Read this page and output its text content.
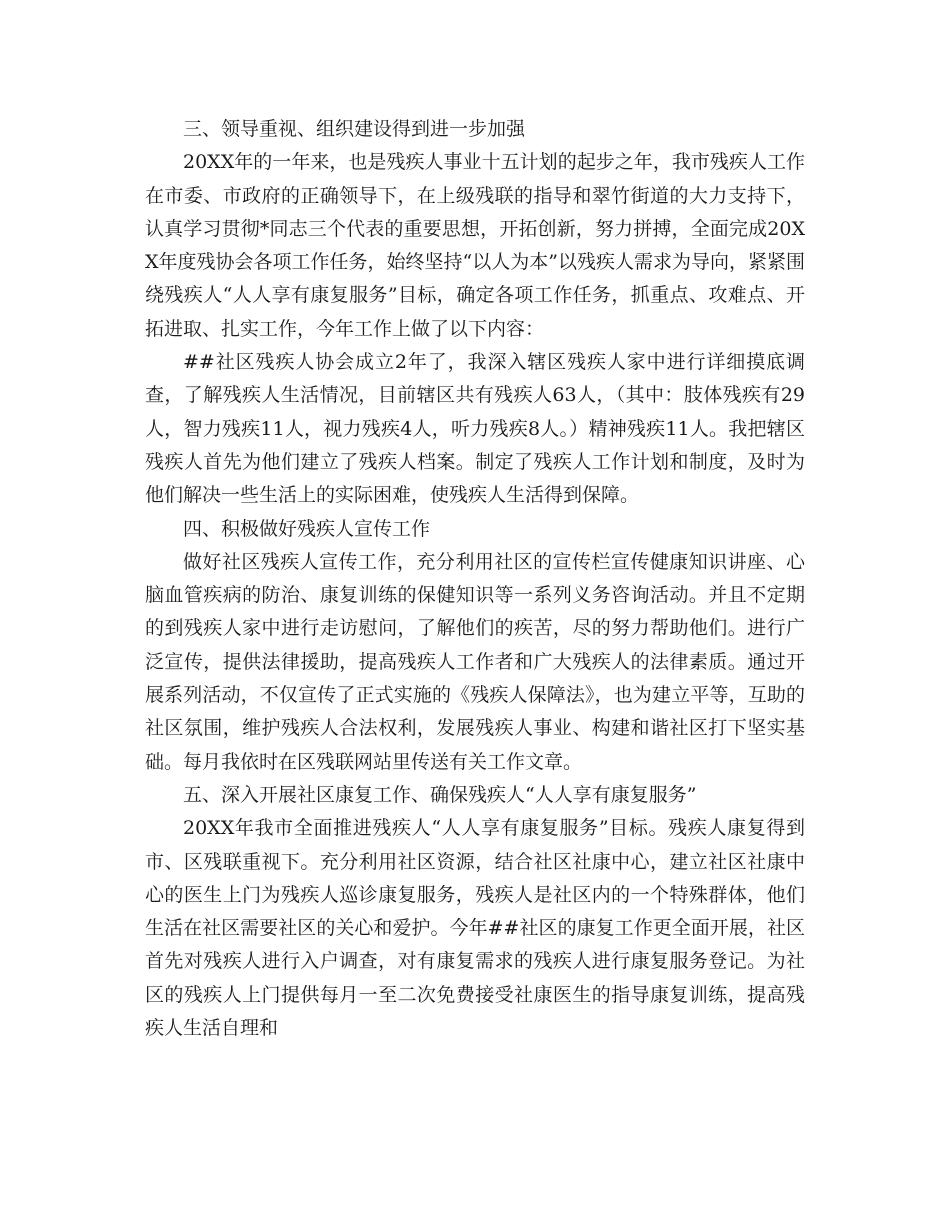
三、领导重视、组织建设得到进一步加强

20XX年的一年来，也是残疾人事业十五计划的起步之年，我市残疾人工作在市委、市政府的正确领导下，在上级残联的指导和翠竹街道的大力支持下，认真学习贯彻*同志三个代表的重要思想，开拓创新，努力拼搏，全面完成20XX年度残协会各项工作任务，始终坚持“以人为本”以残疾人需求为导向，紧紧围绕残疾人“人人享有康复服务”目标，确定各项工作任务，抓重点、攻难点、开拓进取、扎实工作，今年工作上做了以下内容：

##社区残疾人协会成立2年了，我深入辖区残疾人家中进行详细摸底调查，了解残疾人生活情况，目前辖区共有残疾人63人，（其中：肢体残疾有29人，智力残疾11人，视力残疾4人，听力残疾8人。）精神残疾11人。我把辖区残疾人首先为他们建立了残疾人档案。制定了残疾人工作计划和制度，及时为他们解决一些生活上的实际困难，使残疾人生活得到保障。

四、积极做好残疾人宣传工作

做好社区残疾人宣传工作，充分利用社区的宣传栏宣传健康知识讲座、心脑血管疾病的防治、康复训练的保健知识等一系列义务咨询活动。并且不定期的到残疾人家中进行走访慰问，了解他们的疾苦，尽的努力帮助他们。进行广泛宣传，提供法律援助，提高残疾人工作者和广大残疾人的法律素质。通过开展系列活动，不仅宣传了正式实施的《残疾人保障法》，也为建立平等，互助的社区氛围，维护残疾人合法权利，发展残疾人事业、构建和谐社区打下坚实基础。每月我依时在区残联网站里传送有关工作文章。

五、深入开展社区康复工作、确保残疾人“人人享有康复服务”

20XX年我市全面推进残疾人“人人享有康复服务”目标。残疾人康复得到市、区残联重视下。充分利用社区资源，结合社区社康中心，建立社区社康中心的医生上门为残疾人巡诊康复服务，残疾人是社区内的一个特殊群体，他们生活在社区需要社区的关心和爱护。今年##社区的康复工作更全面开展，社区首先对残疾人进行入户调查，对有康复需求的残疾人进行康复服务登记。为社区的残疾人上门提供每月一至二次免费接受社康医生的指导康复训练，提高残疾人生活自理和
